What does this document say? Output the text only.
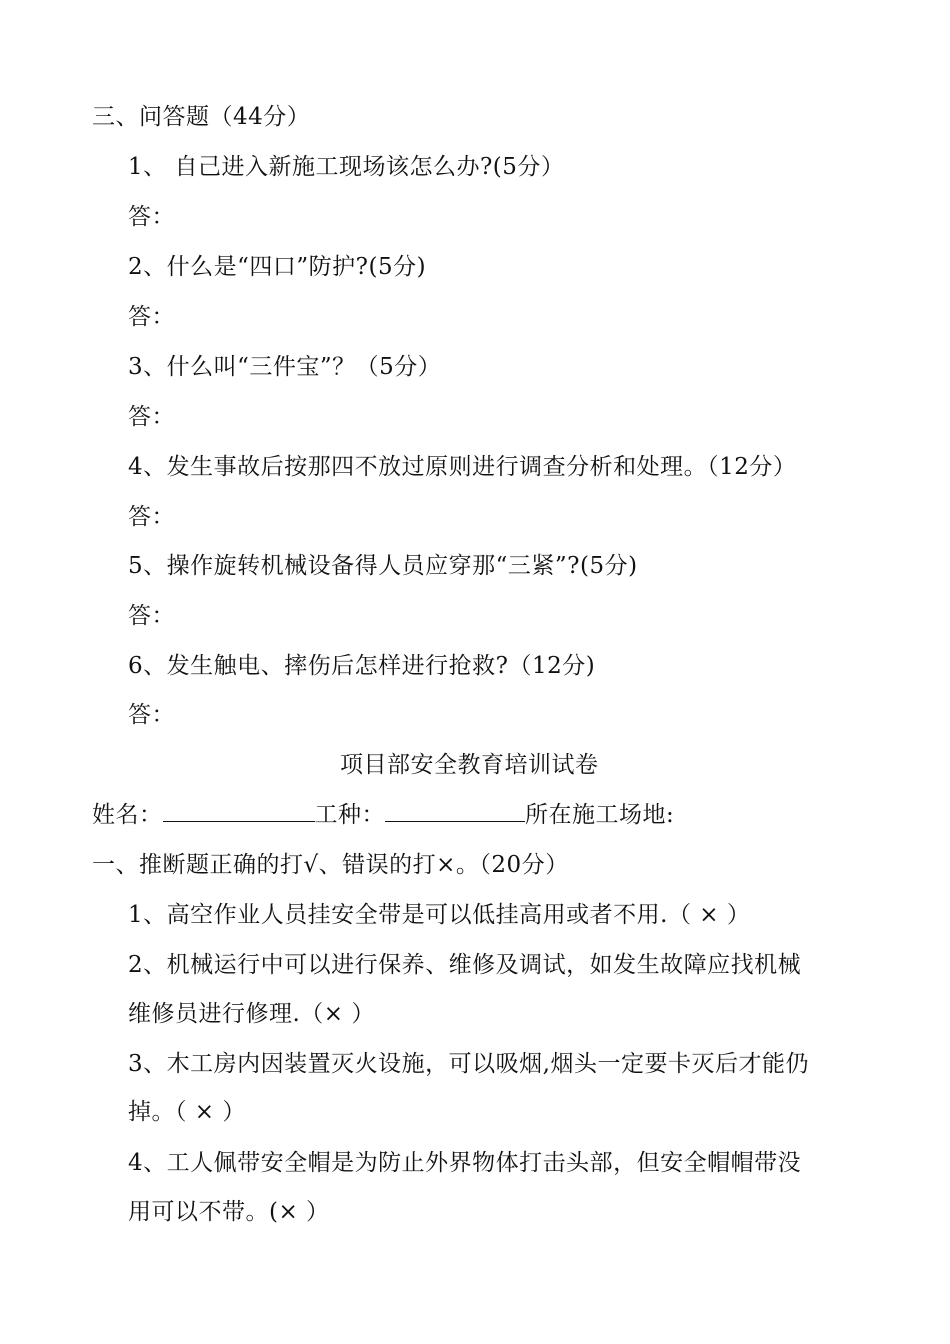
三、问答题（44分）
1、 自己进入新施工现场该怎么办?(5分）
答：
2、什么是“四口”防护?(5分)
答：
3、什么叫“三件宝”？（5分）
答：
4、发生事故后按那四不放过原则进行调查分析和处理。（12分）
答：
5、操作旋转机械设备得人员应穿那“三紧”?(5分)
答：
6、发生触电、摔伤后怎样进行抢救?（12分)
答：
项目部安全教育培训试卷
姓名：	工种：	所在施工场地:
一、推断题正确的打√、错误的打×。（20分）
1、高空作业人员挂安全带是可以低挂高用或者不用.（ × ）
2、机械运行中可以进行保养、维修及调试，如发生故障应找机械
维修员进行修理.（× ）
3、木工房内因装置灭火设施，可以吸烟,烟头一定要卡灭后才能仍
掉。（ × ）
4、工人佩带安全帽是为防止外界物体打击头部，但安全帽帽带没
用可以不带。(× ）
